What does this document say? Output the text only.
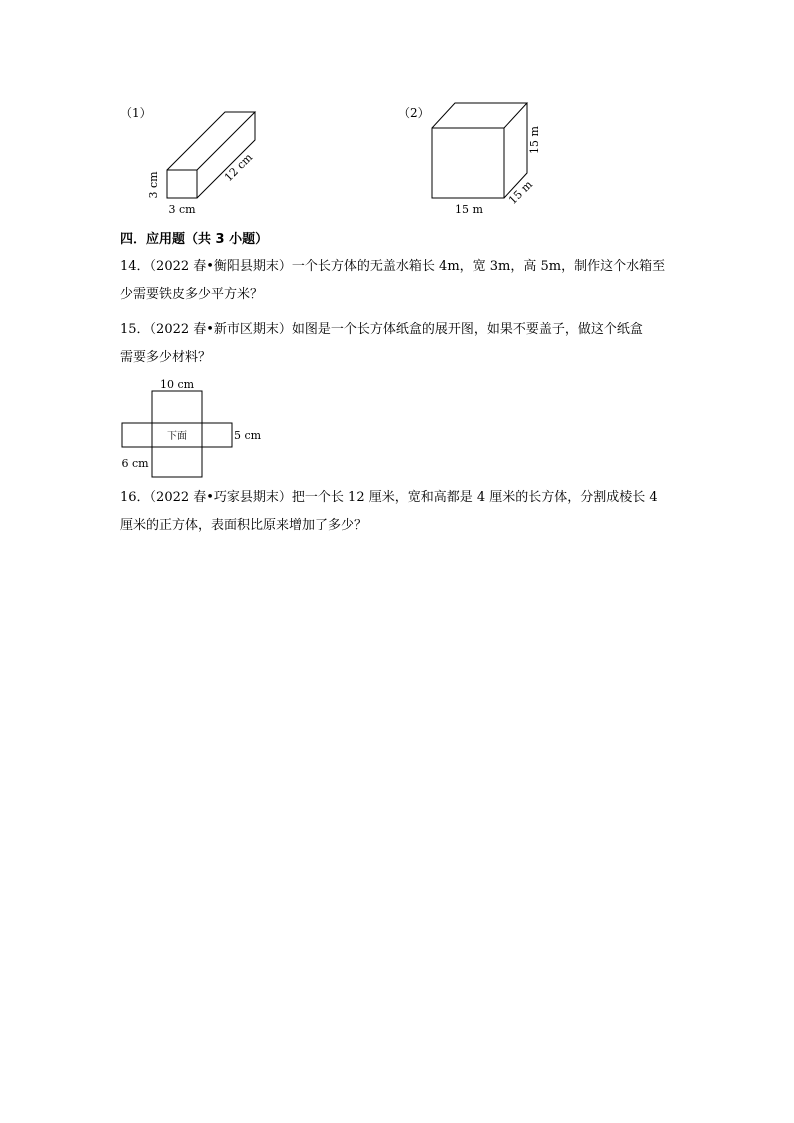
（1）
3 cm
3 cm
12 cm
（2）
15 m
15 m
15 m
四．应用题（共 3 小题）
14．（2022 春•衡阳县期末）一个长方体的无盖水箱长 4m，宽 3m，高 5m，制作这个水箱至
少需要铁皮多少平方米？
15．（2022 春•新市区期末）如图是一个长方体纸盒的展开图，如果不要盖子，做这个纸盒
需要多少材料？
10 cm
5 cm
6 cm
下面
16．（2022 春•巧家县期末）把一个长 12 厘米，宽和高都是 4 厘米的长方体，分割成棱长 4
厘米的正方体，表面积比原来增加了多少？
